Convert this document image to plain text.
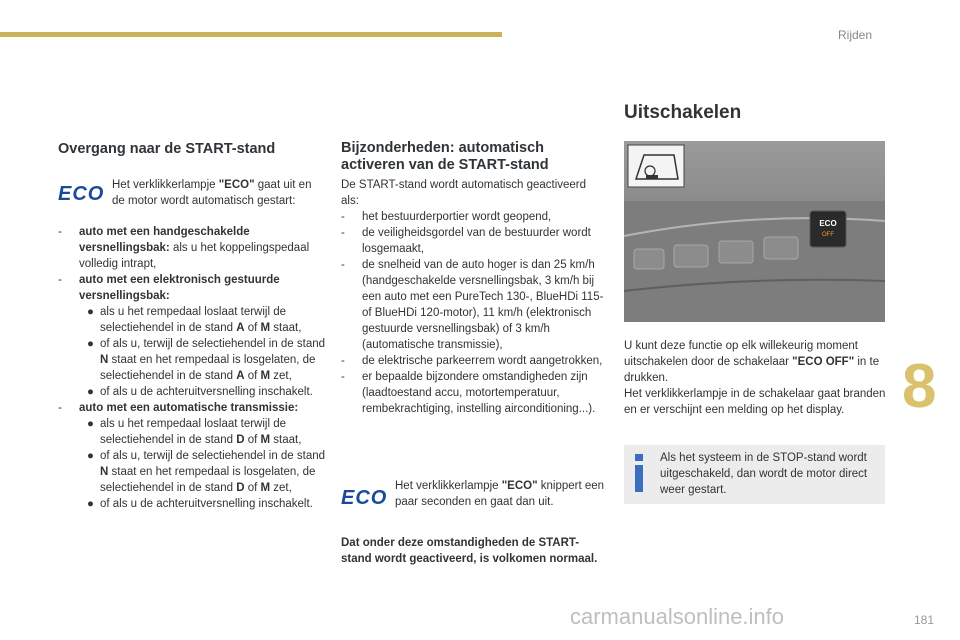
Rijden
8
Overgang naar de START-stand
ECO Het verklikkerlampje "ECO" gaat uit en de motor wordt automatisch gestart:
- auto met een handgeschakelde versnellingsbak: als u het koppelingspedaal volledig intrapt,
- auto met een elektronisch gestuurde versnellingsbak:
● als u het rempedaal loslaat terwijl de selectiehendel in de stand A of M staat,
● of als u, terwijl de selectiehendel in de stand N staat en het rempedaal is losgelaten, de selectiehendel in de stand A of M zet,
● of als u de achteruitversnelling inschakelt.
- auto met een automatische transmissie:
● als u het rempedaal loslaat terwijl de selectiehendel in de stand D of M staat,
● of als u, terwijl de selectiehendel in de stand N staat en het rempedaal is losgelaten, de selectiehendel in de stand D of M zet,
● of als u de achteruitversnelling inschakelt.
Bijzonderheden: automatisch activeren van de START-stand
De START-stand wordt automatisch geactiveerd als:
- het bestuurderportier wordt geopend,
- de veiligheidsgordel van de bestuurder wordt losgemaakt,
- de snelheid van de auto hoger is dan 25 km/h (handgeschakelde versnellingsbak, 3 km/h bij een auto met een PureTech 130-, BlueHDi 115- of BlueHDi 120-motor), 11 km/h (elektronisch gestuurde versnellingsbak) of 3 km/h (automatische transmissie),
- de elektrische parkeerrem wordt aangetrokken,
- er bepaalde bijzondere omstandigheden zijn (laadtoestand accu, motortemperatuur, rembekrachtiging, instelling airconditioning...).
ECO
Het verklikkerlampje "ECO" knippert een paar seconden en gaat dan uit.
Dat onder deze omstandigheden de START-stand wordt geactiveerd, is volkomen normaal.
Uitschakelen
ECO
OFF
U kunt deze functie op elk willekeurig moment uitschakelen door de schakelaar "ECO OFF" in te drukken.
Het verklikkerlampje in de schakelaar gaat branden en er verschijnt een melding op het display.
Als het systeem in de STOP-stand wordt uitgeschakeld, dan wordt de motor direct weer gestart.
carmanualsonline.info	181
